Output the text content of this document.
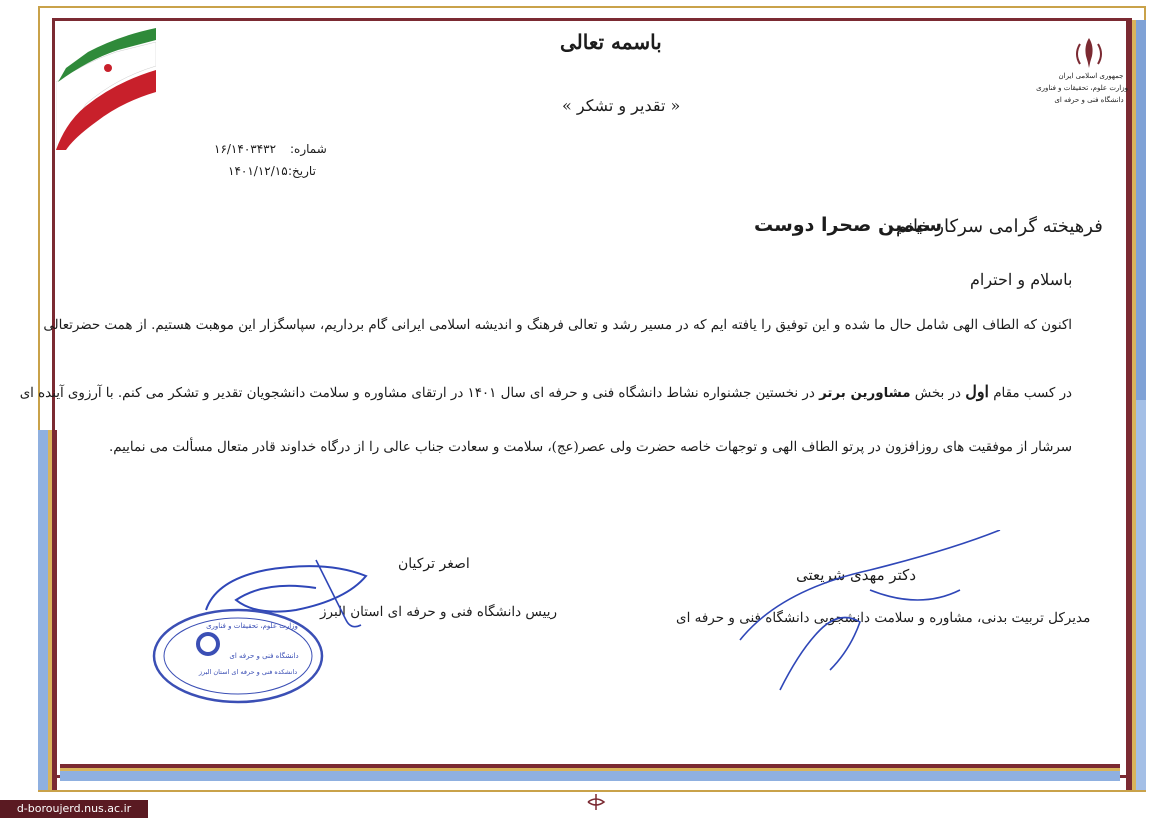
جمهوری اسلامی ایران
وزارت علوم، تحقیقات و فناوری
دانشگاه فنی و حرفه ای
باسمه تعالی
« تقدیر و تشکر »
شماره:
۱۶/۱۴۰۳۴۳۲
تاریخ:
۱۴۰۱/۱۲/۱۵
فرهیخته گرامی سرکار خانم
سیمین صحرا دوست
باسلام و احترام
اکنون که الطاف الهی شامل حال ما شده و این توفیق را یافته ایم که در مسیر رشد و تعالی فرهنگ و اندیشه اسلامی ایرانی گام برداریم، سپاسگزار این موهبت هستیم. از همت حضرتعالی
در کسب مقام اول در بخش مشاورین برتر در نخستین جشنواره نشاط دانشگاه فنی و حرفه ای سال ۱۴۰۱ در ارتقای مشاوره و سلامت دانشجویان تقدیر و تشکر می کنم. با آرزوی آینده ای
سرشار از موفقیت های روزافزون در پرتو الطاف الهی و توجهات خاصه حضرت ولی عصر(عج)، سلامت و سعادت جناب عالی را از درگاه خداوند قادر متعال مسألت می نماییم.
دکتر مهدی شریعتی
مدیرکل تربیت بدنی، مشاوره و سلامت دانشجویی دانشگاه فنی و حرفه ای
اصغر ترکیان
رییس دانشگاه فنی و حرفه ای استان البرز
وزارت علوم، تحقیقات و فناوری
دانشگاه فنی و حرفه ای
دانشکده فنی و حرفه ای استان البرز
d-boroujerd.nus.ac.ir
